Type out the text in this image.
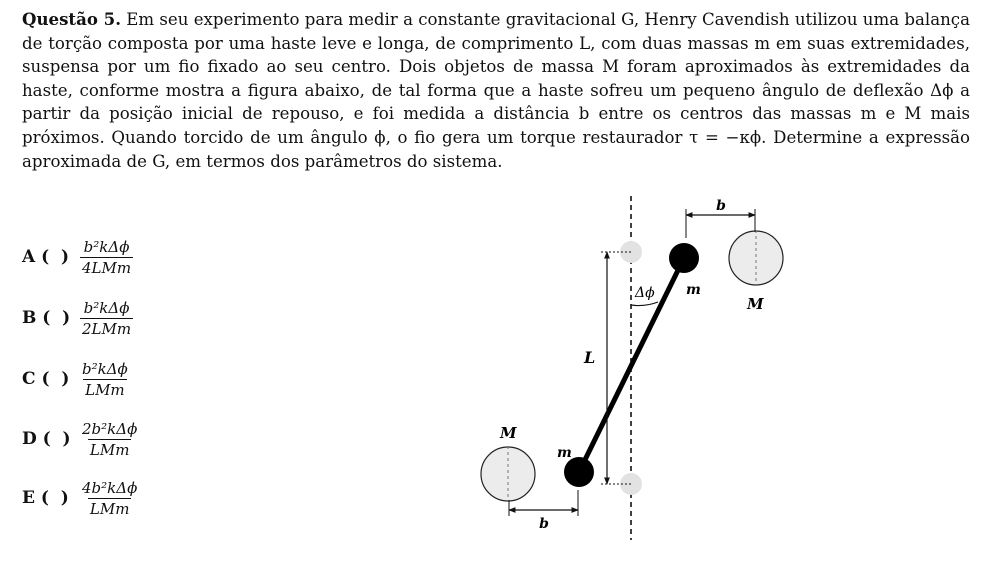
Questão 5. Em seu experimento para medir a constante gravitacional G, Henry Cavendish utilizou uma balança de torção composta por uma haste leve e longa, de comprimento L, com duas massas m em suas extremidades, suspensa por um fio fixado ao seu centro. Dois objetos de massa M foram aproximados às extremidades da haste, conforme mostra a figura abaixo, de tal forma que a haste sofreu um pequeno ângulo de deflexão Δϕ a partir da posição inicial de repouso, e foi medida a distância b entre os centros das massas m e M mais próximos. Quando torcido de um ângulo ϕ, o fio gera um torque restaurador τ = −κϕ. Determine a expressão aproximada de G, em termos dos parâmetros do sistema.
A (  ) $\frac{\text{b²kΔϕ}}{\text{4LMm}}$
B (  ) $\frac{\text{b²kΔϕ}}{\text{2LMm}}$
C (  ) $\frac{\text{b²kΔϕ}}{\text{LMm}}$
D (  ) $\frac{\text{2b²kΔϕ}}{\text{LMm}}$
E (  ) $\frac{\text{4b²kΔϕ}}{\text{LMm}}$
b
b
L
Δϕ m
m
M
M
